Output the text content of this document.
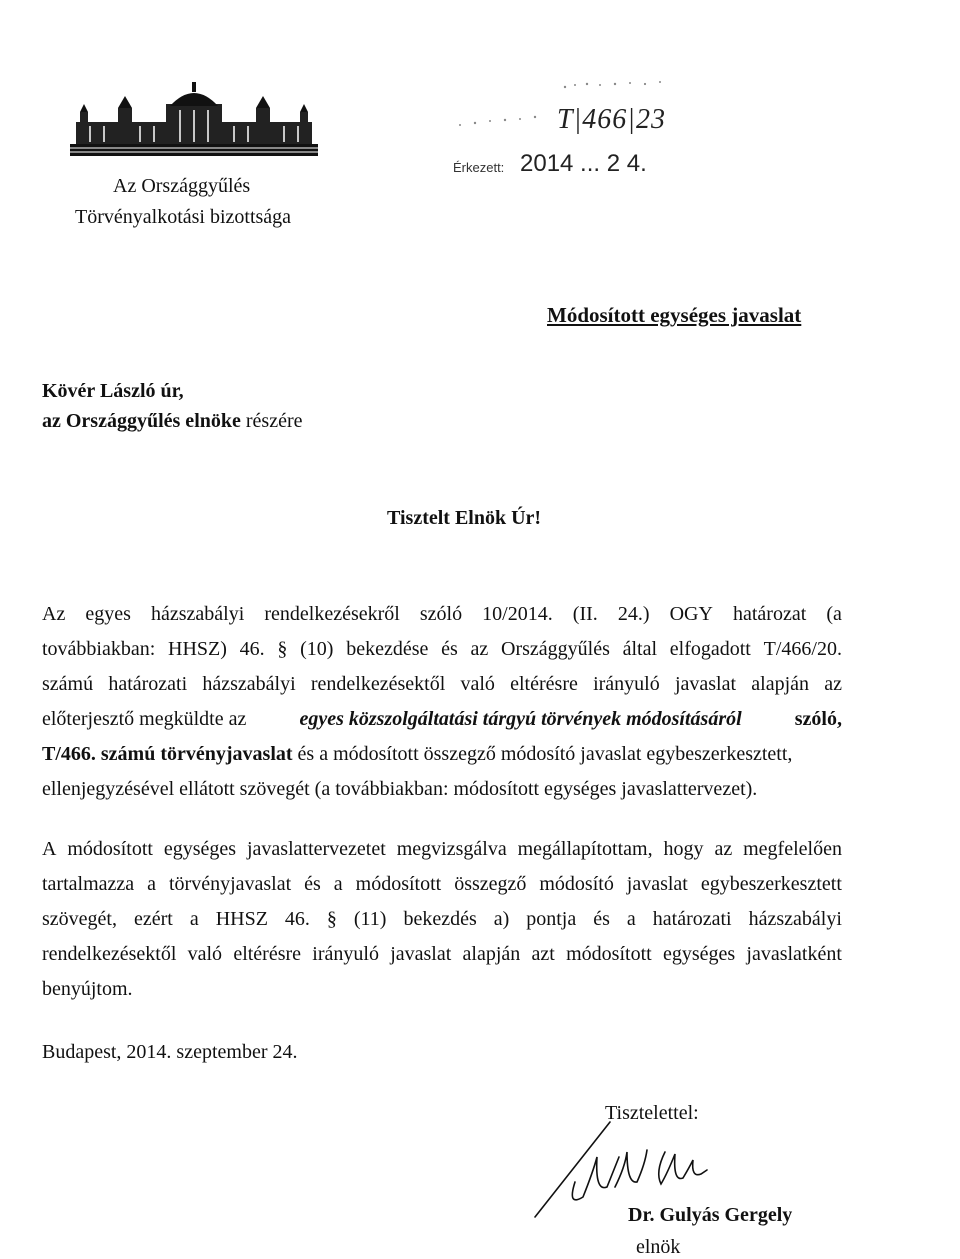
Az Országgyűlés
Törvényalkotási bizottsága
Érkezett: 2014 ... 2 4.
T|466|23
Módosított egységes javaslat
Kövér László úr,
az Országgyűlés elnöke részére
Tisztelt Elnök Úr!
Az egyes házszabályi rendelkezésekről szóló 10/2014. (II. 24.) OGY határozat (a
továbbiakban: HHSZ) 46. § (10) bekezdése és az Országgyűlés által elfogadott T/466/20.
számú határozati házszabályi rendelkezésektől való eltérésre irányuló javaslat alapján az
előterjesztő megküldte az	egyes közszolgáltatási tárgyú törvények módosításáról	szóló,
T/466. számú törvényjavaslat és a módosított összegző módosító javaslat egybeszerkesztett,
ellenjegyzésével ellátott szövegét (a továbbiakban: módosított egységes javaslattervezet).
A módosított egységes javaslattervezetet megvizsgálva megállapítottam, hogy az megfelelően
tartalmazza a törvényjavaslat és a módosított összegző módosító javaslat egybeszerkesztett
szövegét, ezért a HHSZ 46. § (11) bekezdés a) pontja és a határozati házszabályi
rendelkezésektől való eltérésre irányuló javaslat alapján azt módosított egységes javaslatként
benyújtom.
Budapest, 2014. szeptember 24.
Tisztelettel:
Dr. Gulyás Gergely
elnök
